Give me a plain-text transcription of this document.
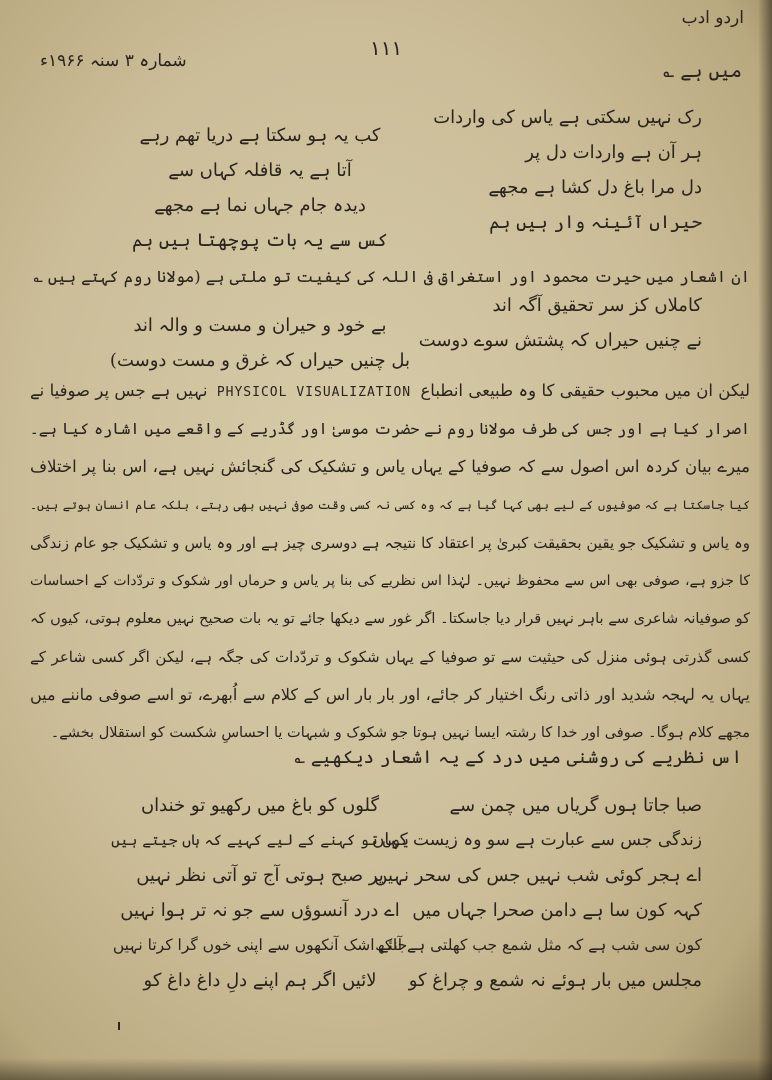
اردو ادب
١١١
شمارہ ۳ سنہ ۱۹۶۶ء	میں ہے ؎
رک نہیں سکتی ہے یاس کی واردات
ہر آن ہے واردات دل پر
دل مرا باغ دل کشا ہے مجھے
حیراں آئینہ وار ہیں ہم
کب یہ ہو سکتا ہے دریا تھم رہے
آتا ہے یہ قافلہ کہاں سے
دیدہ جام جہاں نما ہے مجھے
کس سے یہ بات پوچھتا ہیں ہم
ان اشعار میں حیرت محمود اور استغراق فی اللہ کی کیفیت تو ملتی ہے (مولانا روم کہتے ہیں ؎
کاملاں کز سر تحقیق آگہ اند
نے چنیں حیراں کہ پشتش سوے دوست
بے خود و حیران و مست و والہ اند
بل چنیں حیراں کہ غرق و مست دوست)
لیکن ان میں محبوب حقیقی کا وہ طبیعی انطباع PHYSICOL VISUALIZATION نہیں ہے جس پر صوفیا نے
اصرار کیا ہے اور جس کی طرف مولانا روم نے حضرت موسیٰ اور گڈریے کے واقعے میں اشارہ کیا ہے۔
میرے بیان کردہ اس اصول سے کہ صوفیا کے یہاں یاس و تشکیک کی گنجائش نہیں ہے، اس بنا پر اختلاف
کیا جاسکتا ہے کہ صوفیوں کے لیے بھی کہا گیا ہے کہ وہ کسی نہ کسی وقت صوفی نہیں بھی رہتے، بلکہ عام انسان ہوتے ہیں۔
وہ یاس و تشکیک جو یقین بحقیقت کبریٰ پر اعتقاد کا نتیجہ ہے دوسری چیز ہے اور وہ یاس و تشکیک جو عام زندگی
کا جزو ہے، صوفی بھی اس سے محفوظ نہیں۔ لہٰذا اس نظریے کی بنا پر یاس و حرماں اور شکوک و تردّدات کے احساسات
کو صوفیانہ شاعری سے باہر نہیں قرار دیا جاسکتا۔ اگر غور سے دیکھا جائے تو یہ بات صحیح نہیں معلوم ہوتی، کیوں کہ
کسی گذرتی ہوئی منزل کی حیثیت سے تو صوفیا کے یہاں شکوک و تردّدات کی جگہ ہے، لیکن اگر کسی شاعر کے
یہاں یہ لہجہ شدید اور ذاتی رنگ اختیار کر جائے، اور بار بار اس کے کلام سے اُبھرے، تو اسے صوفی ماننے میں
مجھے کلام ہوگا۔ صوفی اور خدا کا رشتہ ایسا نہیں ہوتا جو شکوک و شبہات یا احساسِ شکست کو استقلال بخشے۔
اس نظریے کی روشنی میں درد کے یہ اشعار دیکھیے ؎
صبا جاتا ہوں گریاں میں چمن سے
زندگی جس سے عبارت ہے سو وہ زیست کہاں
اے ہجر کوئی شب نہیں جس کی سحر نہیں
کہہ کون سا ہے دامن صحرا جہاں میں
کون سی شب ہے کہ مثل شمع جب کھلتی ہے آنکھ
مجلس میں بار ہوئے نہ شمع و چراغ کو
گلوں کو باغ میں رکھیو تو خنداں
یوں تو کہنے کے لیے کہیے کہ ہاں جیتے ہیں
پر صبح ہوتی آج تو آتی نظر نہیں
اے درد آنسوؤں سے جو نہ تر ہوا نہیں
جائے اشک آنکھوں سے اپنی خوں گرا کرتا نہیں
لائیں اگر ہم اپنے دلِ داغ داغ کو
